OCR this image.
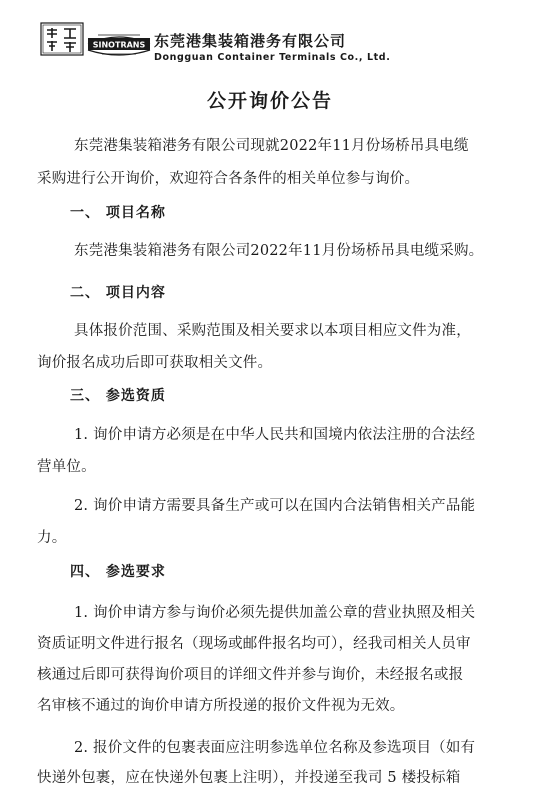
SINOTRANS 东莞港集装箱港务有限公司
Dongguan Container Terminals Co., Ltd.
公开询价公告
东莞港集装箱港务有限公司现就2022年11月份场桥吊具电缆
采购进行公开询价，欢迎符合各条件的相关单位参与询价。
一、 项目名称
东莞港集装箱港务有限公司2022年11月份场桥吊具电缆采购。
二、 项目内容
具体报价范围、采购范围及相关要求以本项目相应文件为准，
询价报名成功后即可获取相关文件。
三、 参选资质
1. 询价申请方必须是在中华人民共和国境内依法注册的合法经
营单位。
2. 询价申请方需要具备生产或可以在国内合法销售相关产品能
力。
四、 参选要求
1. 询价申请方参与询价必须先提供加盖公章的营业执照及相关
资质证明文件进行报名（现场或邮件报名均可），经我司相关人员审
核通过后即可获得询价项目的详细文件并参与询价，未经报名或报
名审核不通过的询价申请方所投递的报价文件视为无效。
2. 报价文件的包裹表面应注明参选单位名称及参选项目（如有
快递外包裹，应在快递外包裹上注明），并投递至我司 5 楼投标箱
